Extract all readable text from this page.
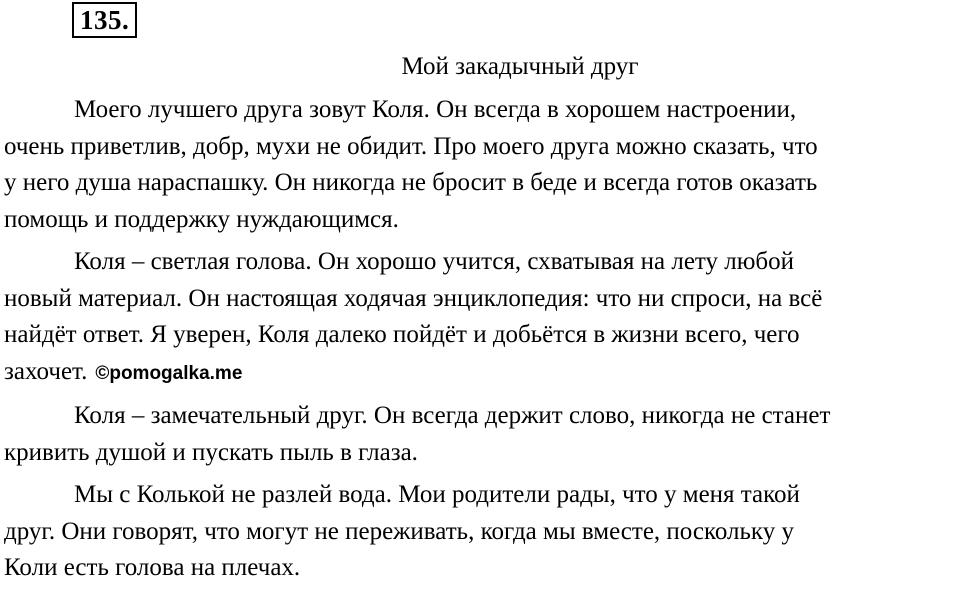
135.
Мой закадычный друг

Моего лучшего друга зовут Коля. Он всегда в хорошем настроении,
очень приветлив, добр, мухи не обидит. Про моего друга можно сказать, что
у него душа нараспашку. Он никогда не бросит в беде и всегда готов оказать
помощь и поддержку нуждающимся.

Коля – светлая голова. Он хорошо учится, схватывая на лету любой
новый материал. Он настоящая ходячая энциклопедия: что ни спроси, на всё
найдёт ответ. Я уверен, Коля далеко пойдёт и добьётся в жизни всего, чего
захочет. ©pomogalka.me

Коля – замечательный друг. Он всегда держит слово, никогда не станет
кривить душой и пускать пыль в глаза.

Мы с Колькой не разлей вода. Мои родители рады, что у меня такой
друг. Они говорят, что могут не переживать, когда мы вместе, поскольку у
Коли есть голова на плечах.
